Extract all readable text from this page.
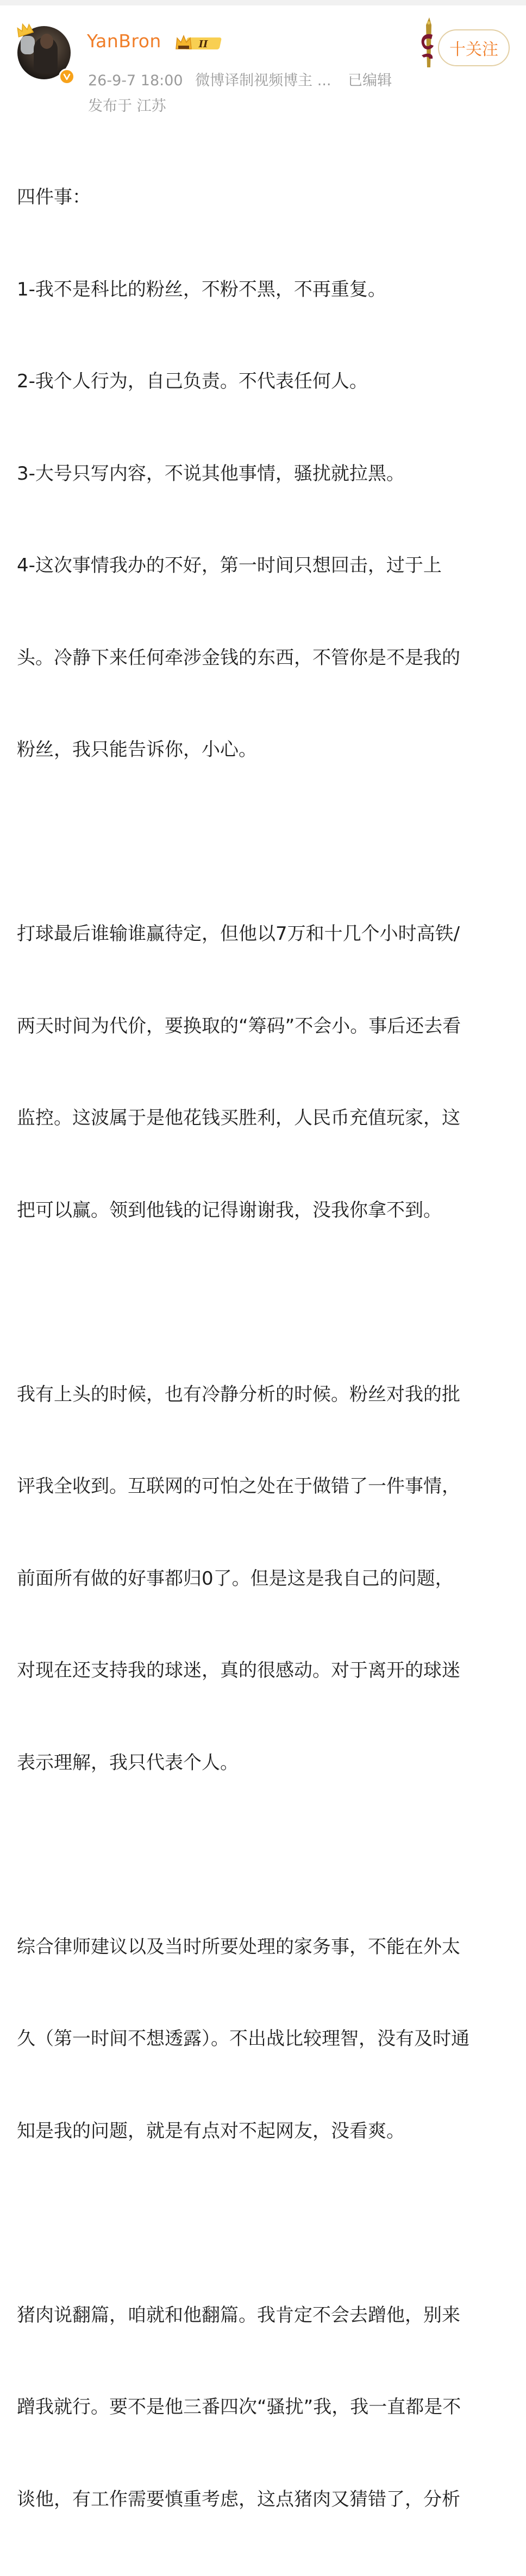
YanBron	II
26-9-7 18:00 微博译制视频博主 ... 已编辑
发布于 江苏
十关注

四件事：

1-我不是科比的粉丝，不粉不黑，不再重复。

2-我个人行为，自己负责。不代表任何人。

3-大号只写内容，不说其他事情，骚扰就拉黑。

4-这次事情我办的不好，第一时间只想回击，过于上

头。冷静下来任何牵涉金钱的东西，不管你是不是我的

粉丝，我只能告诉你，小心。

打球最后谁输谁赢待定，但他以7万和十几个小时高铁/

两天时间为代价，要换取的“筹码”不会小。事后还去看

监控。这波属于是他花钱买胜利，人民币充值玩家，这

把可以赢。领到他钱的记得谢谢我，没我你拿不到。

我有上头的时候，也有冷静分析的时候。粉丝对我的批

评我全收到。互联网的可怕之处在于做错了一件事情，

前面所有做的好事都归0了。但是这是我自己的问题，

对现在还支持我的球迷，真的很感动。对于离开的球迷

表示理解，我只代表个人。

综合律师建议以及当时所要处理的家务事，不能在外太

久（第一时间不想透露）。不出战比较理智，没有及时通

知是我的问题，就是有点对不起网友，没看爽。

猪肉说翻篇，咱就和他翻篇。我肯定不会去蹭他，别来

蹭我就行。要不是他三番四次“骚扰”我，我一直都是不

谈他，有工作需要慎重考虑，这点猪肉又猜错了，分析
